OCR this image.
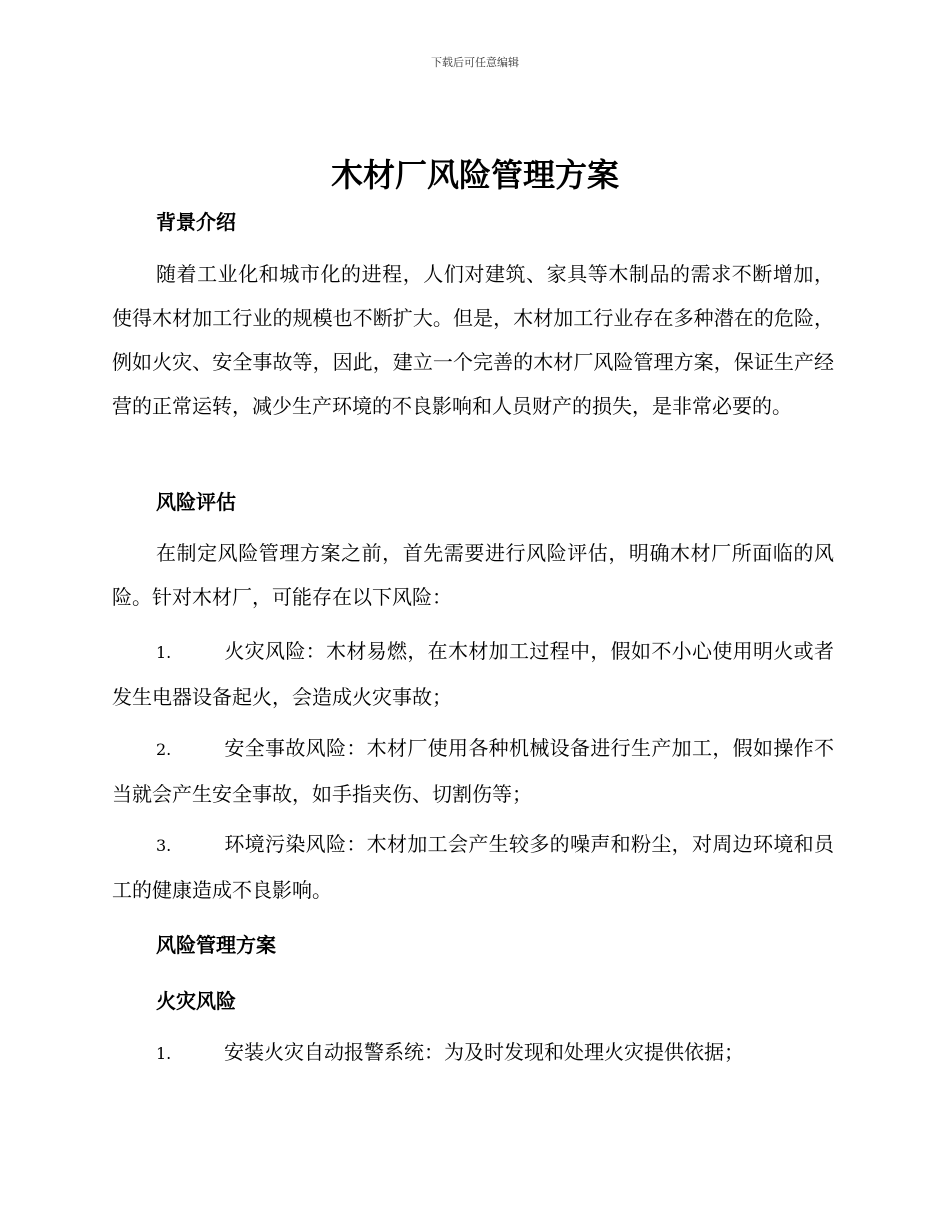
下载后可任意编辑
木材厂风险管理方案
背景介绍

随着工业化和城市化的进程，人们对建筑、家具等木制品的需求不断增加，使得木材加工行业的规模也不断扩大。但是，木材加工行业存在多种潜在的危险，例如火灾、安全事故等，因此，建立一个完善的木材厂风险管理方案，保证生产经营的正常运转，减少生产环境的不良影响和人员财产的损失，是非常必要的。

风险评估

在制定风险管理方案之前，首先需要进行风险评估，明确木材厂所面临的风险。针对木材厂，可能存在以下风险：

1.	火灾风险：木材易燃，在木材加工过程中，假如不小心使用明火或者发生电器设备起火，会造成火灾事故；

2.	安全事故风险：木材厂使用各种机械设备进行生产加工，假如操作不当就会产生安全事故，如手指夹伤、切割伤等；

3.	环境污染风险：木材加工会产生较多的噪声和粉尘，对周边环境和员工的健康造成不良影响。

风险管理方案
火灾风险

1.	安装火灾自动报警系统：为及时发现和处理火灾提供依据；
